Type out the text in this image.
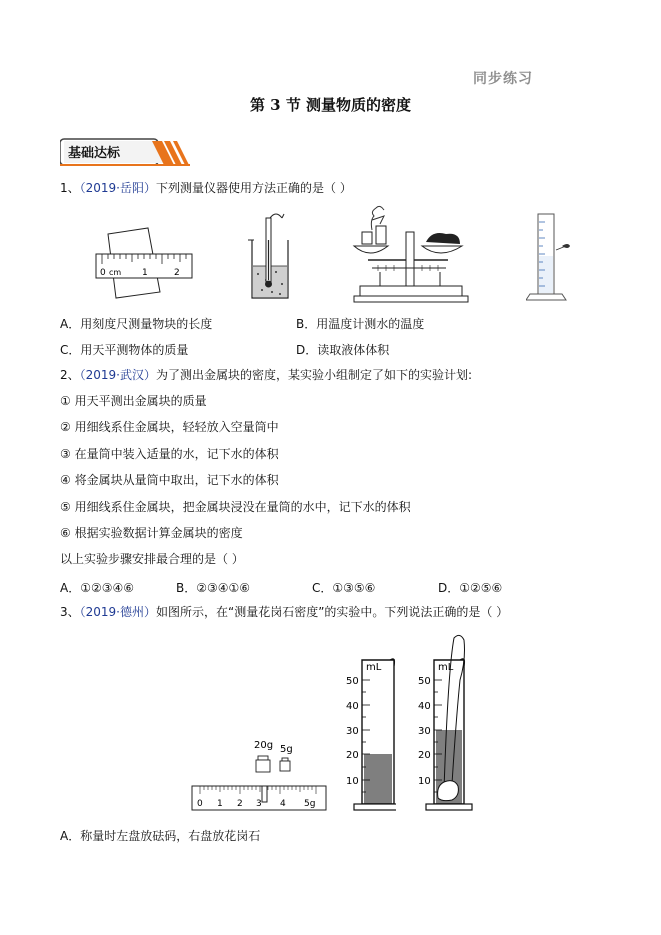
同步练习
第 3 节 测量物质的密度
基础达标
1、（2019·岳阳）下列测量仪器使用方法正确的是（ ）
0 cm 1	2
A．用刻度尺测量物块的长度	B．用温度计测水的温度
C．用天平测物体的质量	D．读取液体体积
2、（2019·武汉）为了测出金属块的密度，某实验小组制定了如下的实验计划:
① 用天平测出金属块的质量
② 用细线系住金属块，轻轻放入空量筒中
③ 在量筒中装入适量的水，记下水的体积
④ 将金属块从量筒中取出，记下水的体积
⑤ 用细线系住金属块，把金属块浸没在量筒的水中，记下水的体积
⑥ 根据实验数据计算金属块的密度
以上实验步骤安排最合理的是（ ）
A．①②③④⑥	B．②③④①⑥	C．①③⑤⑥	D．①②⑤⑥
3、（2019·德州）如图所示，在“测量花岗石密度”的实验中。下列说法正确的是（ ）
20g 5g
0 1 2 3 4 5g
mL
50
40
30
20
10
mL
50
40
30
20
10
A．称量时左盘放砝码，右盘放花岗石
